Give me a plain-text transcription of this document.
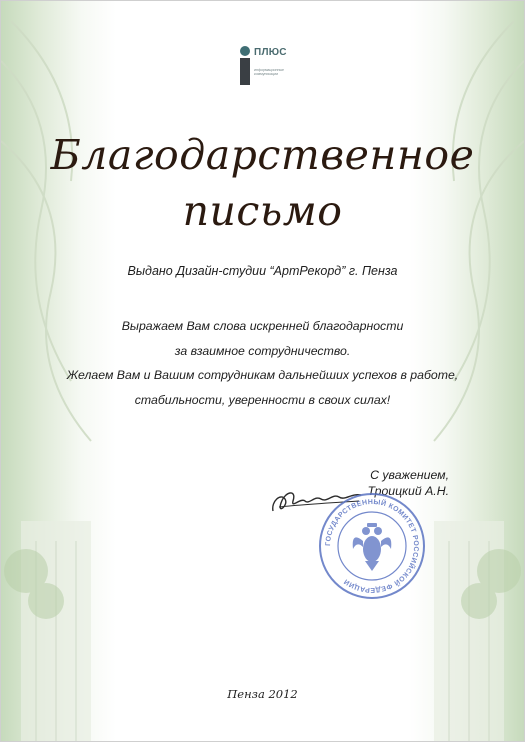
ПЛЮС
информационные коммуникации
Благодарственное
письмо
Выдано Дизайн-студии “АртРекорд” г. Пенза
Выражаем Вам слова искренней благодарности
за взаимное сотрудничество.
Желаем Вам и Вашим сотрудникам дальнейших успехов в работе,
стабильности, уверенности в своих силах!
С уважением,
Троицкий А.Н.
ГОСУДАРСТВЕННЫЙ КОМИТЕТ РОССИЙСКОЙ ФЕДЕРАЦИИ
Пенза 2012
